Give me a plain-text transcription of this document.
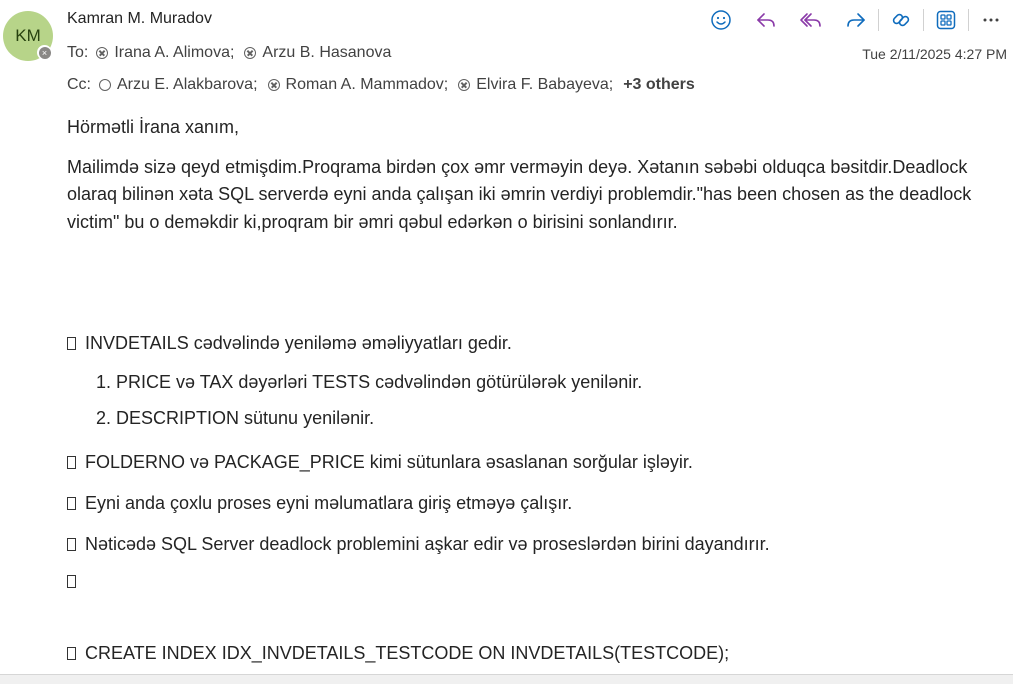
KM
×
Kamran M. Muradov
To: Irana A. Alimova; Arzu B. Hasanova
Cc: Arzu E. Alakbarova; Roman A. Mammadov; Elvira F. Babayeva; +3 others
Tue 2/11/2025 4:27 PM

Hörmətli İrana xanım,

Mailimdə sizə qeyd etmişdim.Proqrama birdən çox əmr verməyin deyə. Xətanın səbəbi olduqca bəsitdir.Deadlock olaraq bilinən xəta SQL serverdə eyni anda çalışan iki əmrin verdiyi problemdir."has been chosen as the deadlock victim" bu o deməkdir ki,proqram bir əmri qəbul edərkən o birisini sonlandırır.

INVDETAILS cədvəlində yeniləmə əməliyyatları gedir.
1. PRICE və TAX dəyərləri TESTS cədvəlindən götürülərək yenilənir.
2. DESCRIPTION sütunu yenilənir.
FOLDERNO və PACKAGE_PRICE kimi sütunlara əsaslanan sorğular işləyir.
Eyni anda çoxlu proses eyni məlumatlara giriş etməyə çalışır.
Nəticədə SQL Server deadlock problemini aşkar edir və proseslərdən birini dayandırır.
CREATE INDEX IDX_INVDETAILS_TESTCODE ON INVDETAILS(TESTCODE);
